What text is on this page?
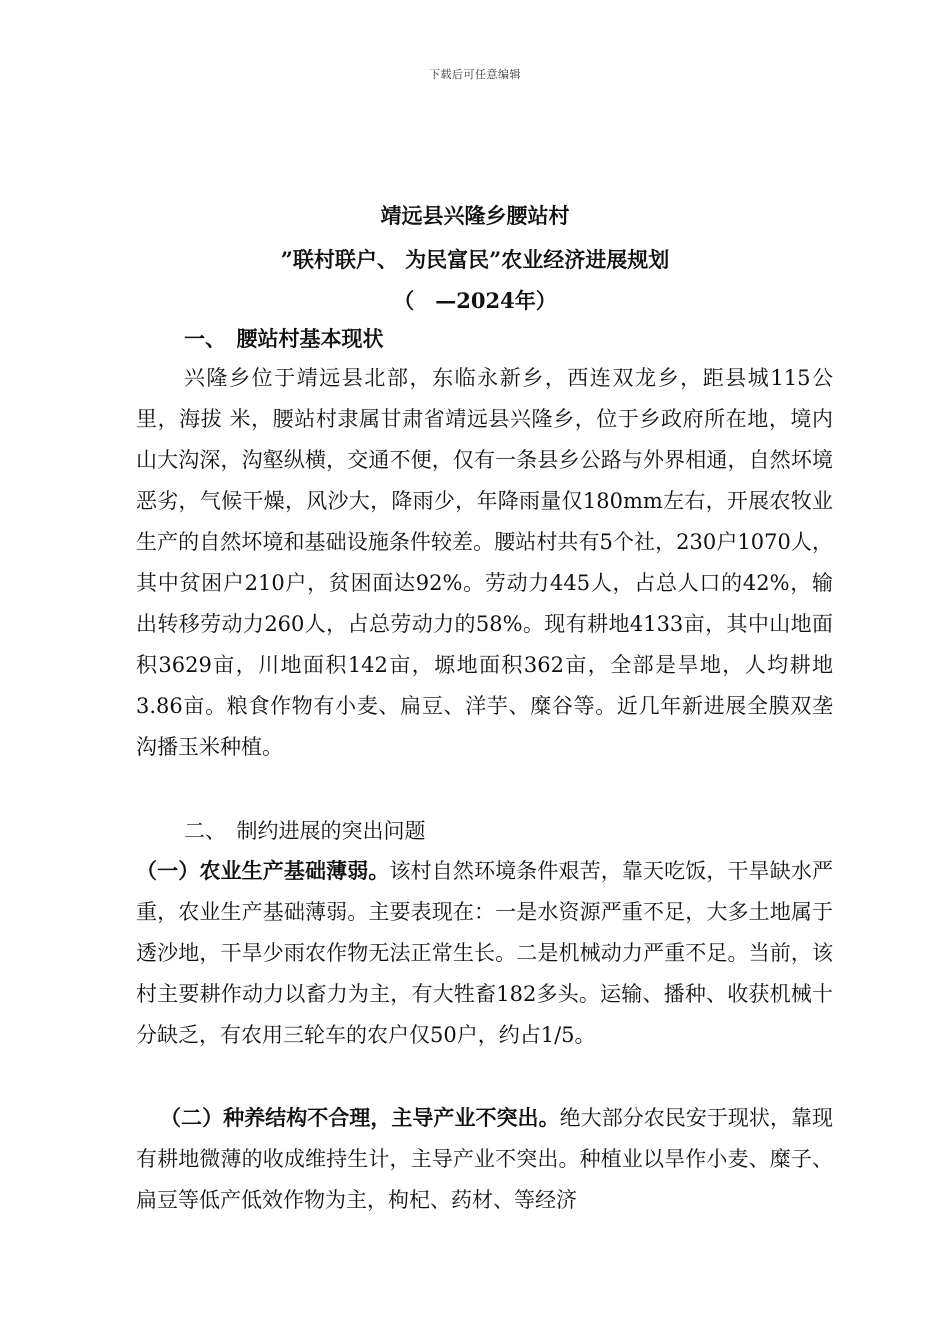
下载后可任意编辑
靖远县兴隆乡腰站村
”联村联户、 为民富民”农业经济进展规划
（　—2024年）
一、　腰站村基本现状

兴隆乡位于靖远县北部，东临永新乡，西连双龙乡，距县城115公里，海拔 米，腰站村隶属甘肃省靖远县兴隆乡，位于乡政府所在地，境内山大沟深，沟壑纵横，交通不便，仅有一条县乡公路与外界相通，自然坏境恶劣，气候干燥，风沙大，降雨少，年降雨量仅180mm左右，开展农牧业生产的自然坏境和基础设施条件较差。腰站村共有5个社，230户1070人，其中贫困户210户，贫困面达92%。劳动力445人，占总人口的42%，输出转移劳动力260人，占总劳动力的58%。现有耕地4133亩，其中山地面积3629亩，川地面积142亩，塬地面积362亩，全部是旱地，人均耕地3.86亩。粮食作物有小麦、扁豆、洋芋、糜谷等。近几年新进展全膜双垄沟播玉米种植。

二、　制约进展的突出问题

（一）农业生产基础薄弱。该村自然环境条件艰苦，靠天吃饭，干旱缺水严重，农业生产基础薄弱。主要表现在：一是水资源严重不足，大多土地属于透沙地，干旱少雨农作物无法正常生长。二是机械动力严重不足。当前，该村主要耕作动力以畜力为主，有大牲畜182多头。运输、播种、收获机械十分缺乏，有农用三轮车的农户仅50户，约占1/5。

（二）种养结构不合理，主导产业不突出。绝大部分农民安于现状，靠现有耕地微薄的收成维持生计，主导产业不突出。种植业以旱作小麦、糜子、扁豆等低产低效作物为主，枸杞、药材、等经济
